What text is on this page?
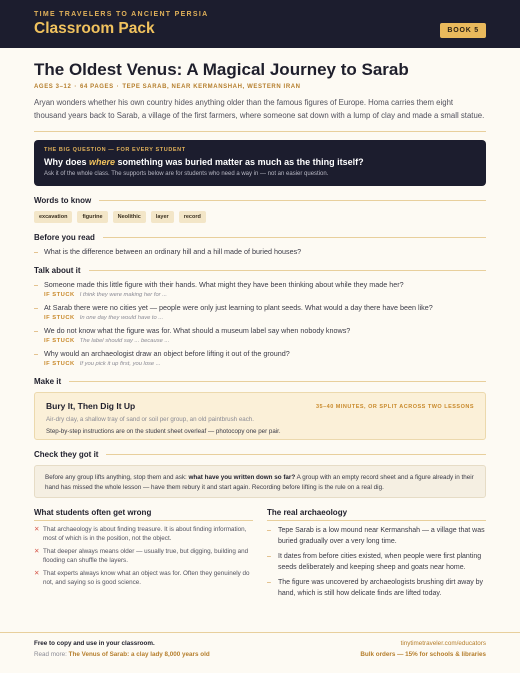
TIME TRAVELERS TO ANCIENT PERSIA
Classroom Pack	BOOK 5
The Oldest Venus: A Magical Journey to Sarab
AGES 3–12 · 64 PAGES · TEPE SARAB, NEAR KERMANSHAH, WESTERN IRAN

Aryan wonders whether his own country hides anything older than the famous figures of Europe. Homa carries them eight thousand years back to Sarab, a village of the first farmers, where someone sat down with a lump of clay and made a small statue.

THE BIG QUESTION — FOR EVERY STUDENT
Why does where something was buried matter as much as the thing itself?
Ask it of the whole class. The supports below are for students who need a way in — not an easier question.
Words to know
excavation	figurine	Neolithic	layer	record
Before you read
– What is the difference between an ordinary hill and a hill made of buried houses?
Talk about it
– Someone made this little figure with their hands. What might they have been thinking about while they made her?
IF STUCK I think they were making her for ...
– At Sarab there were no cities yet — people were only just learning to plant seeds. What would a day there have been like?
IF STUCK In one day they would have to ...
– We do not know what the figure was for. What should a museum label say when nobody knows?
IF STUCK The label should say ... because ...
– Why would an archaeologist draw an object before lifting it out of the ground?
IF STUCK If you pick it up first, you lose ...
Make it
Bury It, Then Dig It Up	35–40 MINUTES, OR SPLIT ACROSS TWO LESSONS
Air-dry clay, a shallow tray of sand or soil per group, an old paintbrush each.
Step-by-step instructions are on the student sheet overleaf — photocopy one per pair.
Check they got it
Before any group lifts anything, stop them and ask: what have you written down so far? A group with an empty record sheet and a figure already in their hand has missed the whole lesson — have them rebury it and start again. Recording before lifting is the rule on a real dig.
What students often get wrong
✕ That archaeology is about finding treasure. It is about finding information, most of which is in the position, not the object.
✕ That deeper always means older — usually true, but digging, building and flooding can shuffle the layers.
✕ That experts always know what an object was for. Often they genuinely do not, and saying so is good science.
The real archaeology
–	Tepe Sarab is a low mound near Kermanshah — a village that was buried gradually over a very long time.
–	It dates from before cities existed, when people were first planting seeds deliberately and keeping sheep and goats near home.
–	The figure was uncovered by archaeologists brushing dirt away by hand, which is still how delicate finds are lifted today.
Free to copy and use in your classroom.
Read more: The Venus of Sarab: a clay lady 8,000 years old
tinytimetraveler.com/educators
Bulk orders — 15% for schools & libraries
